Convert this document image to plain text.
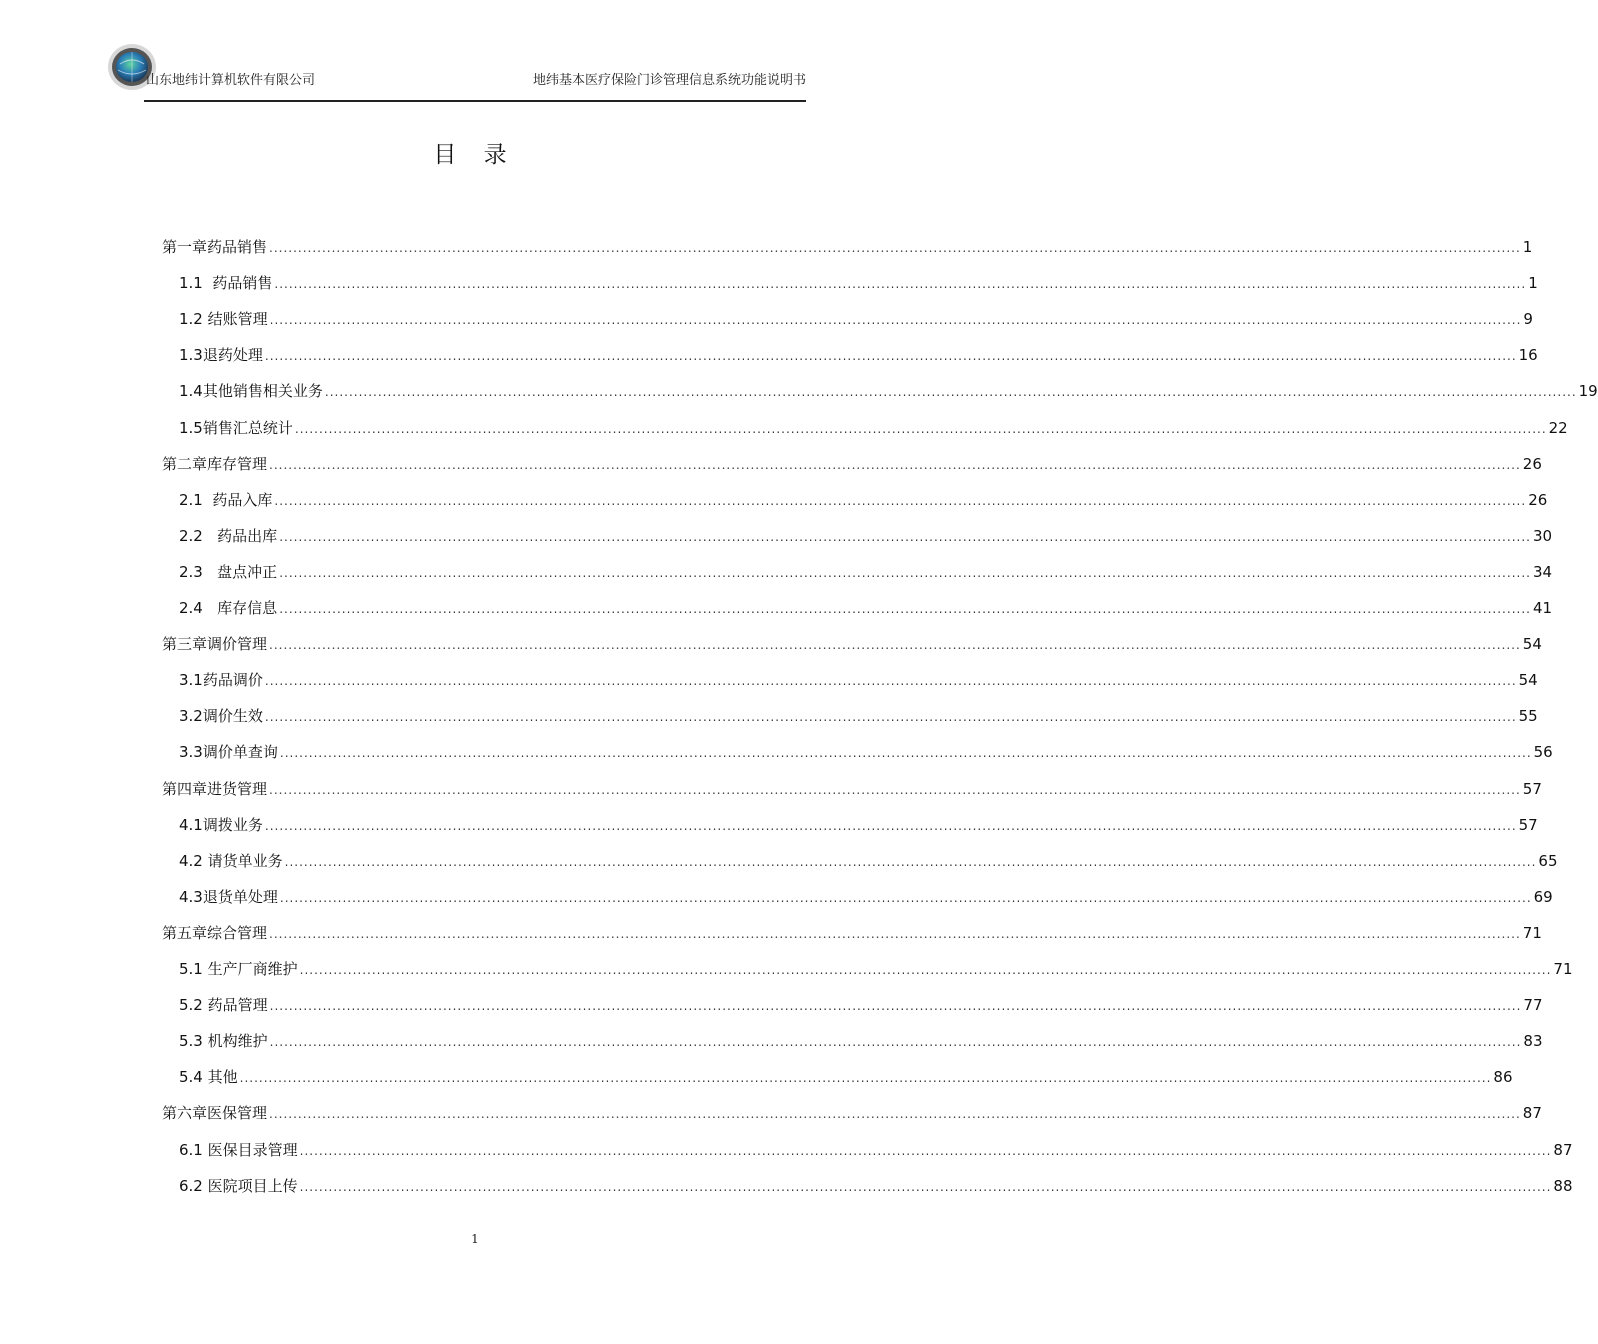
山东地纬计算机软件有限公司	地纬基本医疗保险门诊管理信息系统功能说明书
目 录
第一章 药品销售 .................................................................................................................................................................................................................................................................... 1
1.1 药品销售 .................................................................................................................................................................................................................................................................... 1
1.2 结账管理 .................................................................................................................................................................................................................................................................... 9
1.3 退药处理 .................................................................................................................................................................................................................................................................... 16
1.4 其他销售相关业务 .................................................................................................................................................................................................................................................................... 19
1.5 销售汇总统计 .................................................................................................................................................................................................................................................................... 22
第二章 库存管理 .................................................................................................................................................................................................................................................................... 26
2.1 药品入库 .................................................................................................................................................................................................................................................................... 26
2.2 药品出库 .................................................................................................................................................................................................................................................................... 30
2.3 盘点冲正 .................................................................................................................................................................................................................................................................... 34
2.4 库存信息 .................................................................................................................................................................................................................................................................... 41
第三章 调价管理 .................................................................................................................................................................................................................................................................... 54
3.1 药品调价 .................................................................................................................................................................................................................................................................... 54
3.2 调价生效 .................................................................................................................................................................................................................................................................... 55
3.3 调价单查询 .................................................................................................................................................................................................................................................................... 56
第四章 进货管理 .................................................................................................................................................................................................................................................................... 57
4.1 调拨业务 .................................................................................................................................................................................................................................................................... 57
4.2 请货单业务 .................................................................................................................................................................................................................................................................... 65
4.3 退货单处理 .................................................................................................................................................................................................................................................................... 69
第五章 综合管理 .................................................................................................................................................................................................................................................................... 71
5.1 生产厂商维护 .................................................................................................................................................................................................................................................................... 71
5.2 药品管理 .................................................................................................................................................................................................................................................................... 77
5.3 机构维护 .................................................................................................................................................................................................................................................................... 83
5.4 其他 .................................................................................................................................................................................................................................................................... 86
第六章 医保管理 .................................................................................................................................................................................................................................................................... 87
6.1 医保目录管理 .................................................................................................................................................................................................................................................................... 87
6.2 医院项目上传 .................................................................................................................................................................................................................................................................... 88
1
